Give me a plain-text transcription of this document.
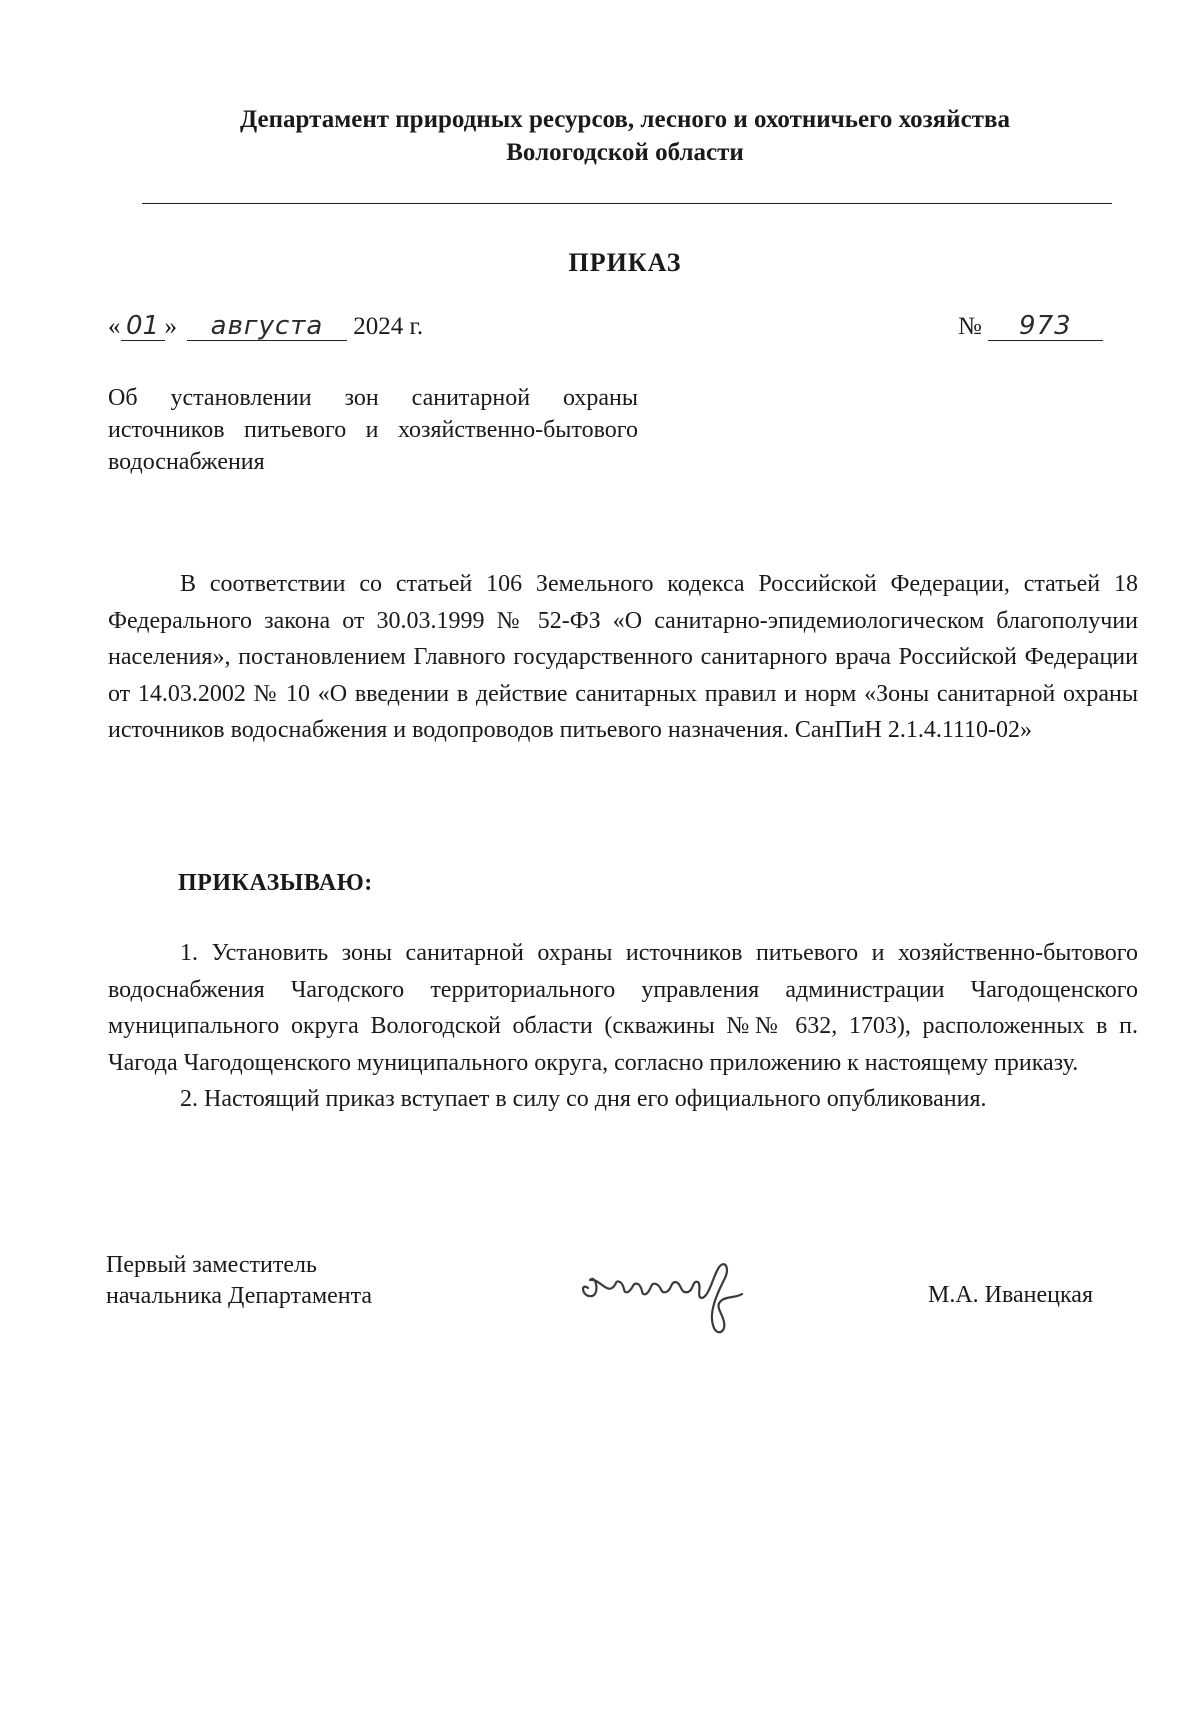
Департамент природных ресурсов, лесного и охотничьего хозяйства
Вологодской области
ПРИКАЗ
« 01 » августа 2024 г.	№ 973
Об установлении зон санитарной охраны источников питьевого и хозяйственно-бытового водоснабжения

В соответствии со статьей 106 Земельного кодекса Российской Федерации, статьей 18 Федерального закона от 30.03.1999 № 52-ФЗ «О санитарно-эпидемиологическом благополучии населения», постановлением Главного государственного санитарного врача Российской Федерации от 14.03.2002 № 10 «О введении в действие санитарных правил и норм «Зоны санитарной охраны источников водоснабжения и водопроводов питьевого назначения. СанПиН 2.1.4.1110-02»

ПРИКАЗЫВАЮ:

1. Установить зоны санитарной охраны источников питьевого и хозяйственно-бытового водоснабжения Чагодского территориального управления администрации Чагодощенского муниципального округа Вологодской области (скважины №№ 632, 1703), расположенных в п. Чагода Чагодощенского муниципального округа, согласно приложению к настоящему приказу.

2. Настоящий приказ вступает в силу со дня его официального опубликования.

Первый заместитель
начальника Департамента	М.А. Иванецкая
